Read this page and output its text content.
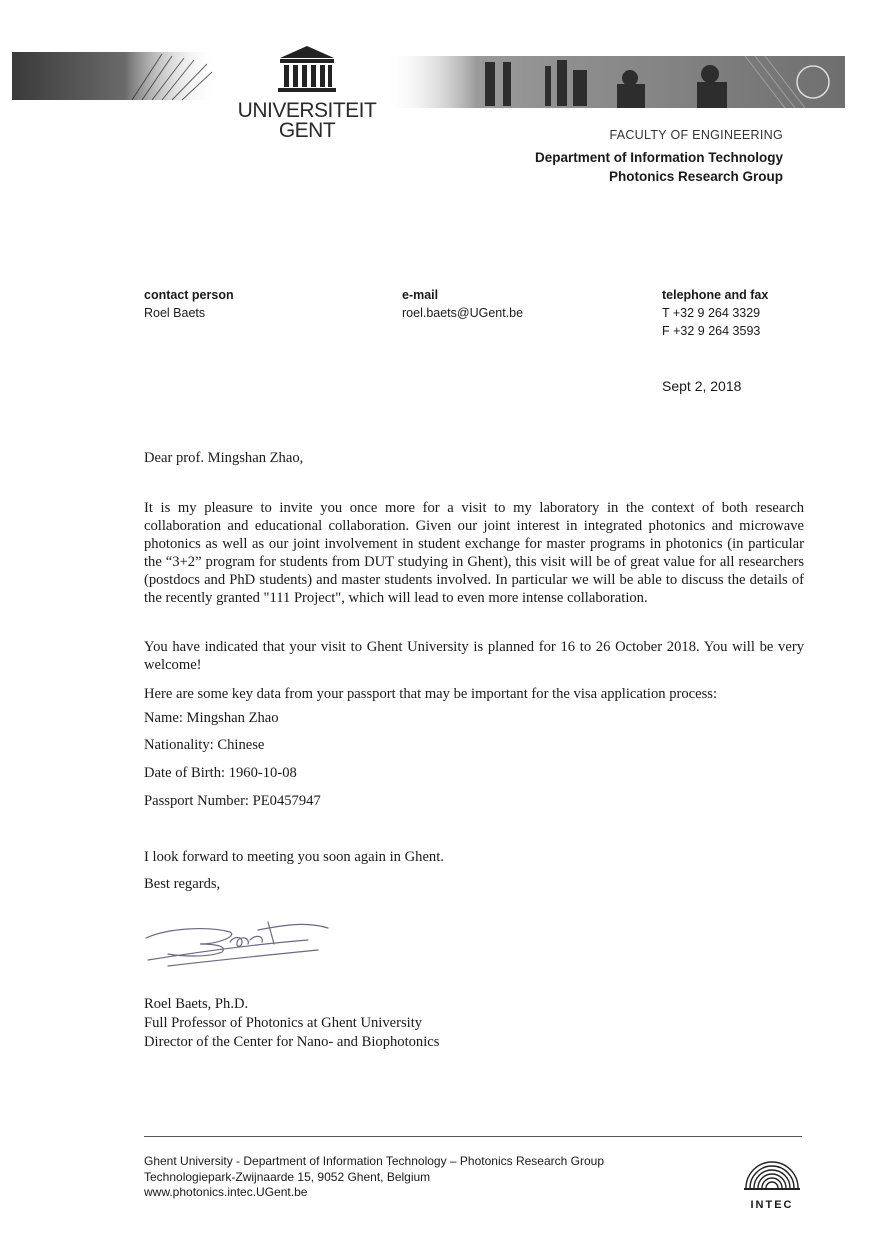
UNIVERSITEIT
GENT	FACULTY OF ENGINEERING
Department of Information Technology
Photonics Research Group
contact person
Roel Baets
e-mail
roel.baets@UGent.be
telephone and fax
T +32 9 264 3329
F +32 9 264 3593
Sept 2, 2018
Dear prof. Mingshan Zhao,
It is my pleasure to invite you once more for a visit to my laboratory in the context of both research collaboration and educational collaboration. Given our joint interest in integrated photonics and microwave photonics as well as our joint involvement in student exchange for master programs in photonics (in particular the “3+2” program for students from DUT studying in Ghent), this visit will be of great value for all researchers (postdocs and PhD students) and master students involved. In particular we will be able to discuss the details of the recently granted "111 Project", which will lead to even more intense collaboration.
You have indicated that your visit to Ghent University is planned for 16 to 26 October 2018. You will be very welcome!
Here are some key data from your passport that may be important for the visa application process:
Name: Mingshan Zhao
Nationality: Chinese
Date of Birth: 1960-10-08
Passport Number: PE0457947
I look forward to meeting you soon again in Ghent.
Best regards,
Roel Baets, Ph.D.
Full Professor of Photonics at Ghent University
Director of the Center for Nano- and Biophotonics
Ghent University - Department of Information Technology – Photonics Research Group
Technologiepark-Zwijnaarde 15, 9052 Ghent, Belgium
www.photonics.intec.UGent.be
INTEC
